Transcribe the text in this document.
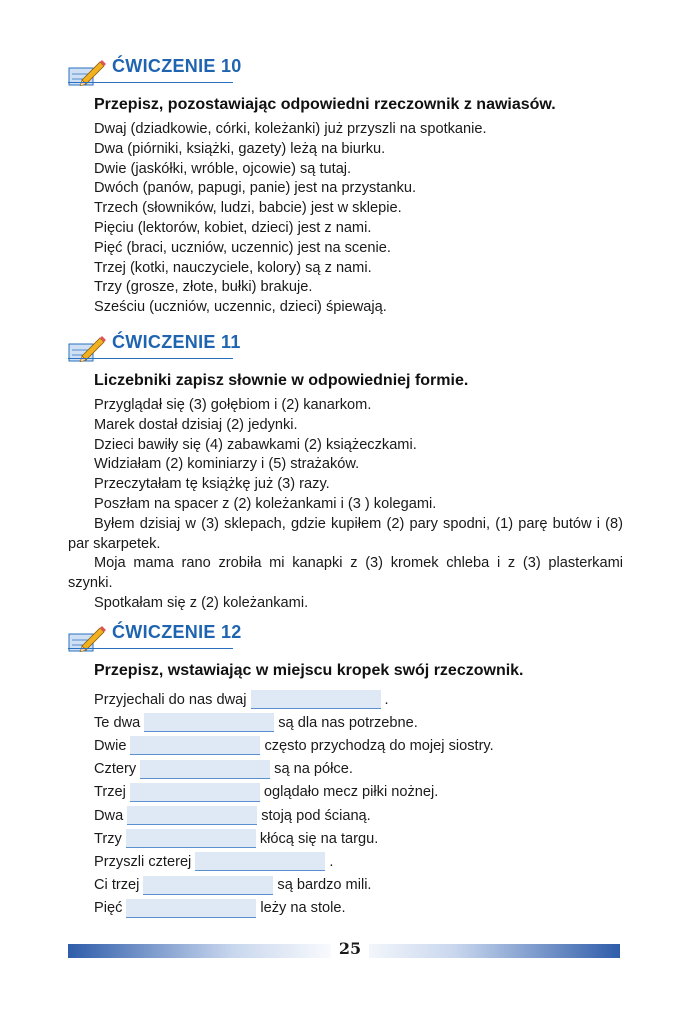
ĆWICZENIE 10
Przepisz, pozostawiając odpowiedni rzeczownik z nawiasów.

Dwaj (dziadkowie, córki, koleżanki) już przyszli na spotkanie.

Dwa (piórniki, książki, gazety) leżą na biurku.

Dwie (jaskółki, wróble, ojcowie) są tutaj.

Dwóch (panów, papugi, panie) jest na przystanku.

Trzech (słowników, ludzi, babcie) jest w sklepie.

Pięciu (lektorów, kobiet, dzieci) jest z nami.

Pięć (braci, uczniów, uczennic) jest na scenie.

Trzej (kotki, nauczyciele, kolory) są z nami.

Trzy (grosze, złote, bułki) brakuje.

Sześciu (uczniów, uczennic, dzieci) śpiewają.

ĆWICZENIE 11
Liczebniki zapisz słownie w odpowiedniej formie.

Przyglądał się (3) gołębiom i (2) kanarkom.

Marek dostał dzisiaj (2) jedynki.

Dzieci bawiły się (4) zabawkami (2) książeczkami.

Widziałam (2) kominiarzy i (5) strażaków.

Przeczytałam tę książkę już (3) razy.

Poszłam na spacer z (2) koleżankami i (3 ) kolegami.

Byłem dzisiaj w (3) sklepach, gdzie kupiłem (2) pary spodni, (1) parę butów i (8) par skarpetek.

Moja mama rano zrobiła mi kanapki z (3) kromek chleba i z (3) plasterkami szynki.

Spotkałam się z (2) koleżankami.

ĆWICZENIE 12
Przepisz, wstawiając w miejscu kropek swój rzeczownik.
Przyjechali do nas dwaj	.
Te dwa	są dla nas potrzebne.
Dwie	często przychodzą do mojej siostry.
Cztery	są na półce.
Trzej	oglądało mecz piłki nożnej.
Dwa	stoją pod ścianą.
Trzy	kłócą się na targu.
Przyszli czterej	.
Ci trzej	są bardzo mili.
Pięć	leży na stole.
25
